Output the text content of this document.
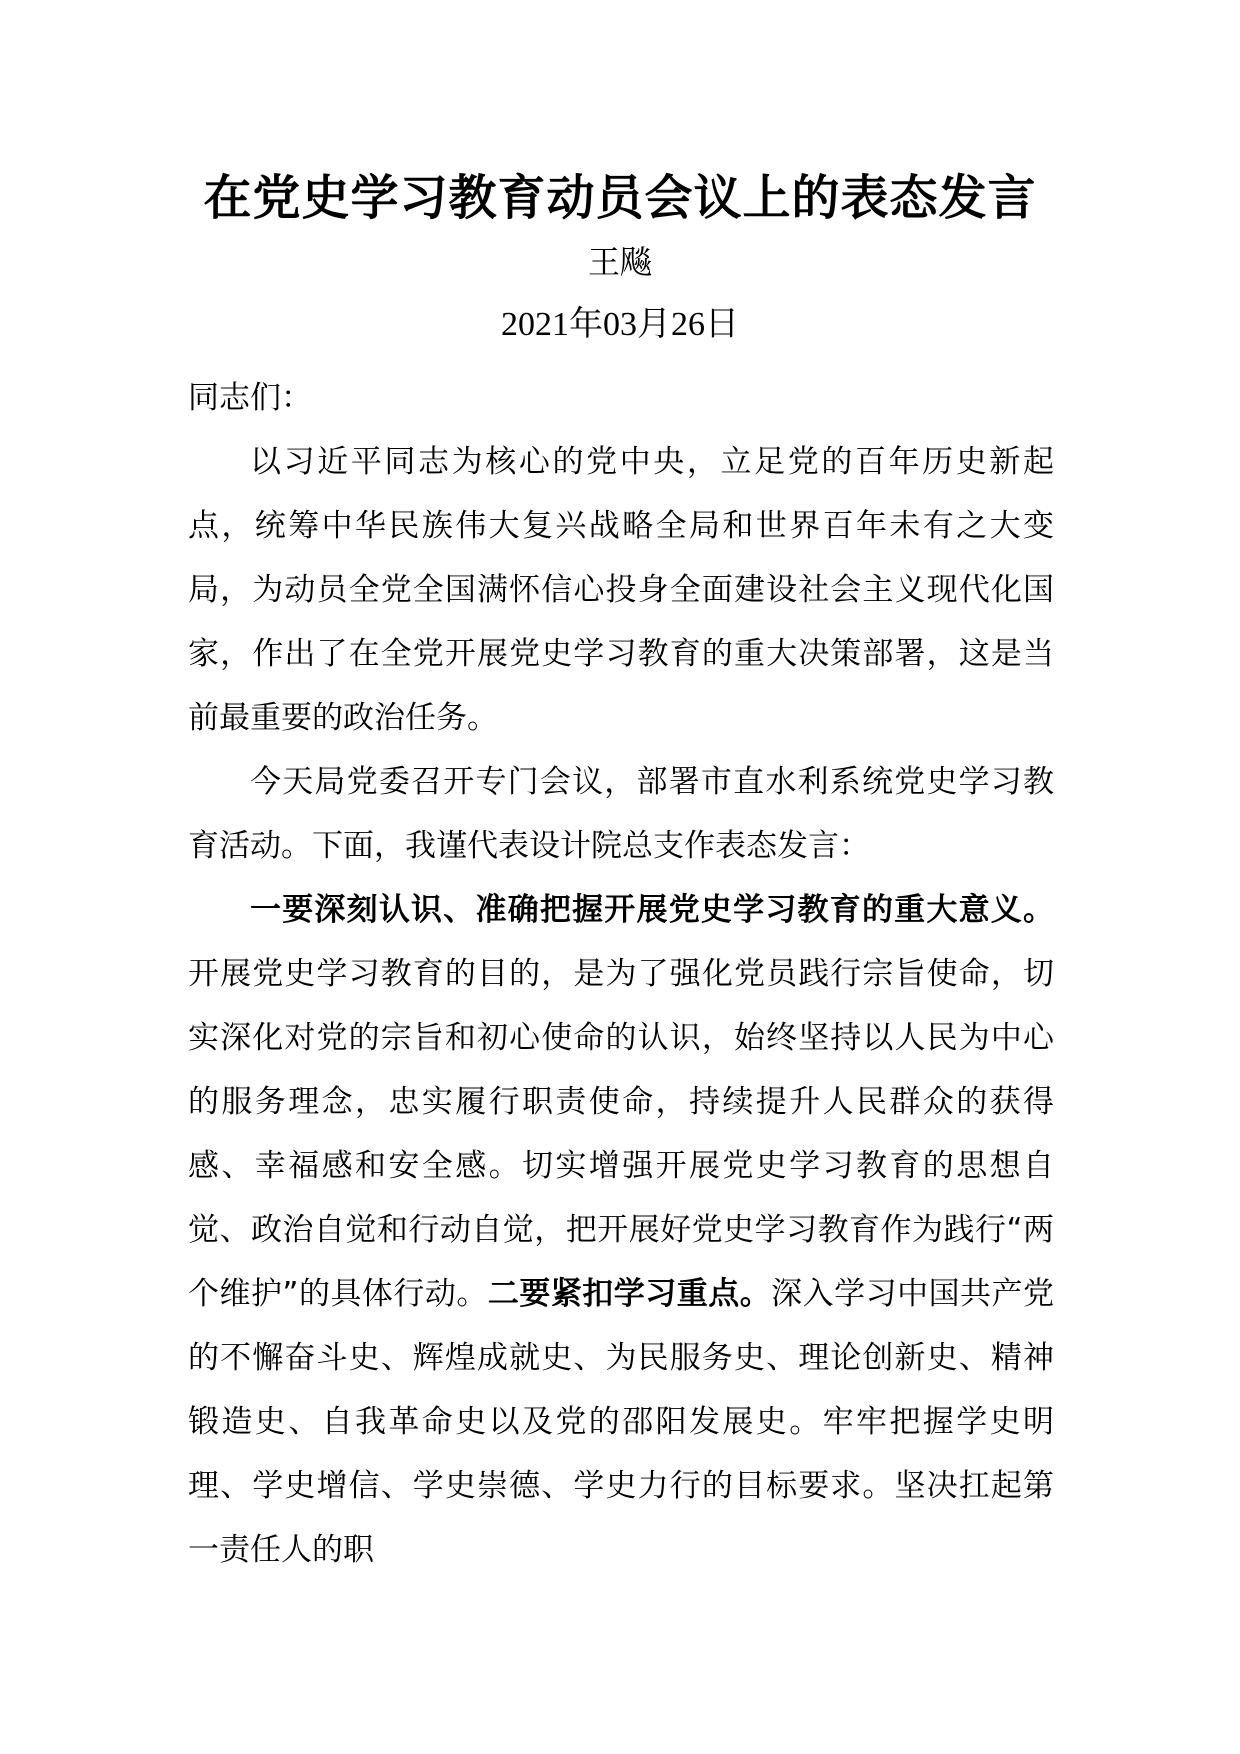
在党史学习教育动员会议上的表态发言
王飚
2021年03月26日

同志们：

以习近平同志为核心的党中央，立足党的百年历史新起点，统筹中华民族伟大复兴战略全局和世界百年未有之大变局，为动员全党全国满怀信心投身全面建设社会主义现代化国家，作出了在全党开展党史学习教育的重大决策部署，这是当前最重要的政治任务。

今天局党委召开专门会议，部署市直水利系统党史学习教育活动。下面，我谨代表设计院总支作表态发言：

一要深刻认识、准确把握开展党史学习教育的重大意义。开展党史学习教育的目的，是为了强化党员践行宗旨使命，切实深化对党的宗旨和初心使命的认识，始终坚持以人民为中心的服务理念，忠实履行职责使命，持续提升人民群众的获得感、幸福感和安全感。切实增强开展党史学习教育的思想自觉、政治自觉和行动自觉，把开展好党史学习教育作为践行“两个维护”的具体行动。二要紧扣学习重点。深入学习中国共产党的不懈奋斗史、辉煌成就史、为民服务史、理论创新史、精神锻造史、自我革命史以及党的邵阳发展史。牢牢把握学史明理、学史增信、学史崇德、学史力行的目标要求。坚决扛起第一责任人的职
